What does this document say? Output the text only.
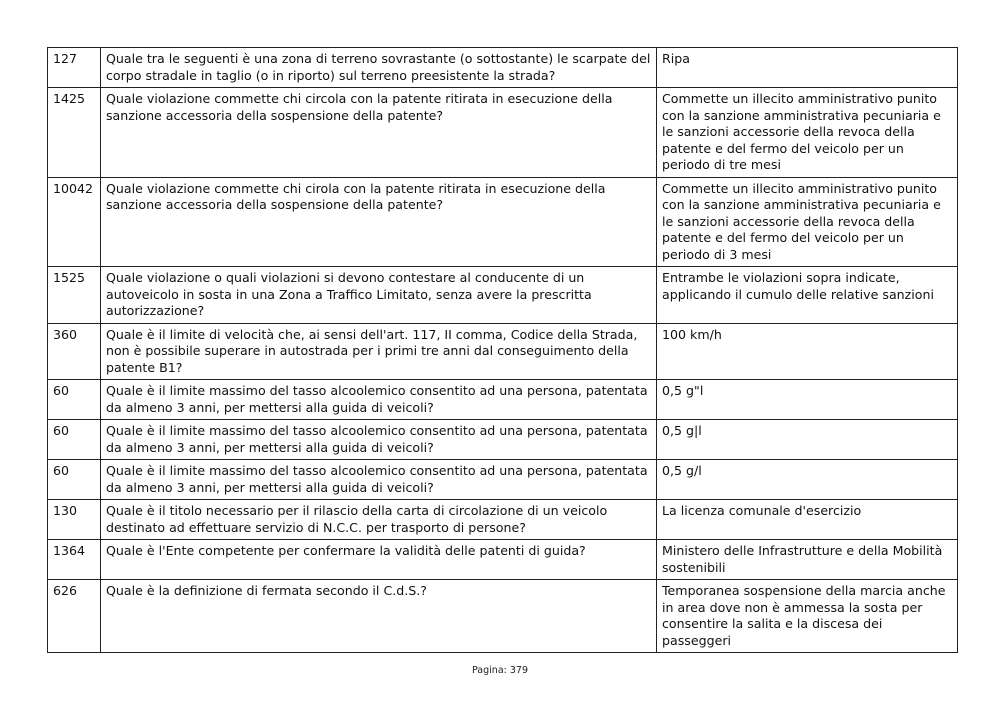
127	Quale tra le seguenti è una zona di terreno sovrastante (o sottostante) le scarpate del corpo stradale in taglio (o in riporto) sul terreno preesistente la strada?	Ripa
1425	Quale violazione commette chi circola con la patente ritirata in esecuzione della sanzione accessoria della sospensione della patente?	Commette un illecito amministrativo punito con la sanzione amministrativa pecuniaria e le sanzioni accessorie della revoca della patente e del fermo del veicolo per un periodo di tre mesi
10042	Quale violazione commette chi cirola con la patente ritirata in esecuzione della sanzione accessoria della sospensione della patente?	Commette un illecito amministrativo punito con la sanzione amministrativa pecuniaria e le sanzioni accessorie della revoca della patente e del fermo del veicolo per un periodo di 3 mesi
1525	Quale violazione o quali violazioni si devono contestare al conducente di un autoveicolo in sosta in una Zona a Traffico Limitato, senza avere la prescritta autorizzazione?	Entrambe le violazioni sopra indicate, applicando il cumulo delle relative sanzioni
360	Quale è il limite di velocità che, ai sensi dell'art. 117, II comma, Codice della Strada, non è possibile superare in autostrada per i primi tre anni dal conseguimento della patente B1?	100 km/h
60	Quale è il limite massimo del tasso alcoolemico consentito ad una persona, patentata da almeno 3 anni, per mettersi alla guida di veicoli?	0,5 g"l
60	Quale è il limite massimo del tasso alcoolemico consentito ad una persona, patentata da almeno 3 anni, per mettersi alla guida di veicoli?	0,5 g|l
60	Quale è il limite massimo del tasso alcoolemico consentito ad una persona, patentata da almeno 3 anni, per mettersi alla guida di veicoli?	0,5 g/l
130	Quale è il titolo necessario per il rilascio della carta di circolazione di un veicolo destinato ad effettuare servizio di N.C.C. per trasporto di persone?	La licenza comunale d'esercizio
1364	Quale è l'Ente competente per confermare la validità delle patenti di guida?	Ministero delle Infrastrutture e della Mobilità sostenibili
626	Quale è la definizione di fermata secondo il C.d.S.?	Temporanea sospensione della marcia anche in area dove non è ammessa la sosta per consentire la salita e la discesa dei passeggeri
Pagina: 379
